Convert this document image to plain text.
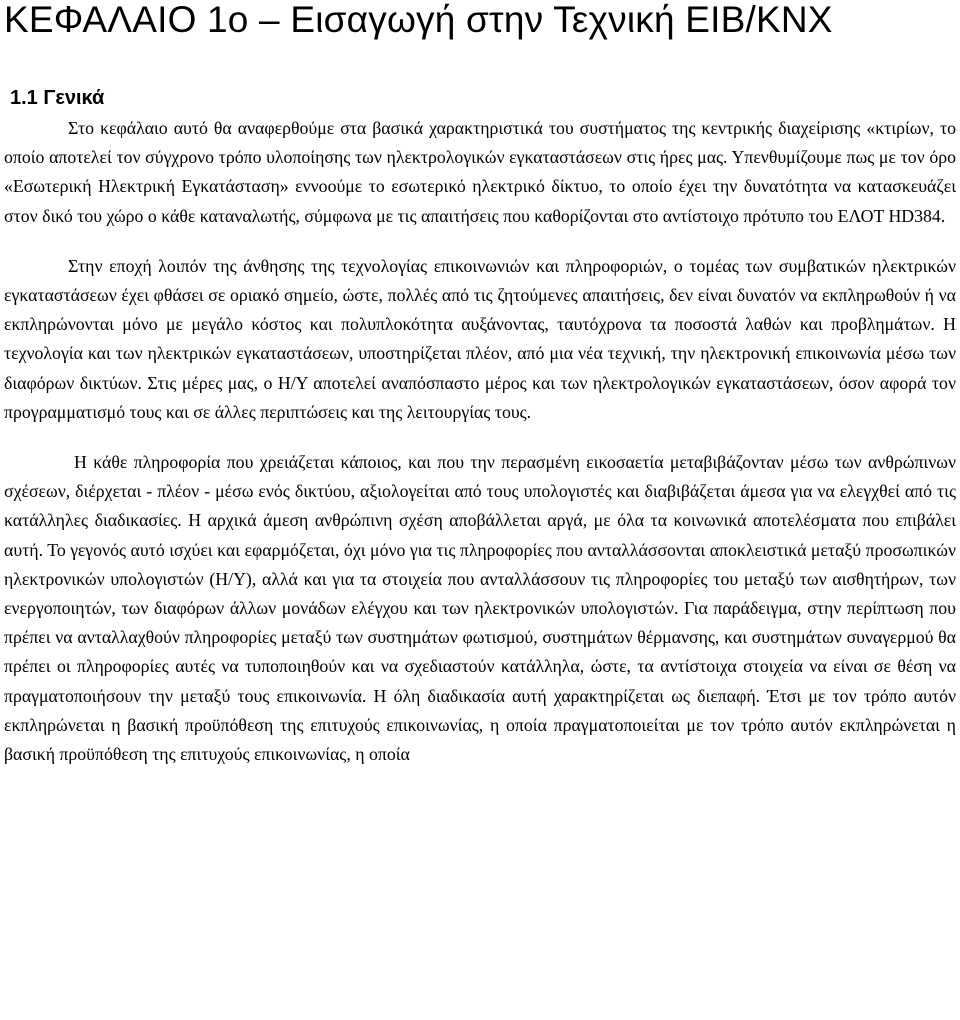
ΚΕΦΑΛΑΙΟ 1ο – Εισαγωγή στην Τεχνική EIB/KNX
1.1 Γενικά

Στο κεφάλαιο αυτό θα αναφερθούμε στα βασικά χαρακτηριστικά του συστήματος της κεντρικής διαχείρισης «κτιρίων, το οποίο αποτελεί τον σύγχρονο τρόπο υλοποίησης των ηλεκτρολογικών εγκαταστάσεων στις ήρες μας. Υπενθυμίζουμε πως με τον όρο «Εσωτερική Ηλεκτρική Εγκατάσταση» εννοούμε το εσωτερικό ηλεκτρικό δίκτυο, το οποίο έχει την δυνατότητα να κατασκευάζει στον δικό του χώρο ο κάθε καταναλωτής, σύμφωνα με τις απαιτήσεις που καθορίζονται στο αντίστοιχο πρότυπο του ΕΛΟΤ HD384.

Στην εποχή λοιπόν της άνθησης της τεχνολογίας επικοινωνιών και πληροφοριών, ο τομέας των συμβατικών ηλεκτρικών εγκαταστάσεων έχει φθάσει σε οριακό σημείο, ώστε, πολλές από τις ζητούμενες απαιτήσεις, δεν είναι δυνατόν να εκπληρωθούν ή να εκπληρώνονται μόνο με μεγάλο κόστος και πολυπλοκότητα αυξάνοντας, ταυτόχρονα τα ποσοστά λαθών και προβλημάτων. Η τεχνολογία και των ηλεκτρικών εγκαταστάσεων, υποστηρίζεται πλέον, από μια νέα τεχνική, την ηλεκτρονική επικοινωνία μέσω των διαφόρων δικτύων. Στις μέρες μας, ο Η/Υ αποτελεί αναπόσπαστο μέρος και των ηλεκτρολογικών εγκαταστάσεων, όσον αφορά τον προγραμματισμό τους και σε άλλες περιπτώσεις και της λειτουργίας τους.

Η κάθε πληροφορία που χρειάζεται κάποιος, και που την περασμένη εικοσαετία μεταβιβάζονταν μέσω των ανθρώπινων σχέσεων, διέρχεται - πλέον - μέσω ενός δικτύου, αξιολογείται από τους υπολογιστές και διαβιβάζεται άμεσα για να ελεγχθεί από τις κατάλληλες διαδικασίες. Η αρχικά άμεση ανθρώπινη σχέση αποβάλλεται αργά, με όλα τα κοινωνικά αποτελέσματα που επιβάλει αυτή. Το γεγονός αυτό ισχύει και εφαρμόζεται, όχι μόνο για τις πληροφορίες που ανταλλάσσονται αποκλειστικά μεταξύ προσωπικών ηλεκτρονικών υπολογιστών (Η/Υ), αλλά και για τα στοιχεία που ανταλλάσσουν τις πληροφορίες του μεταξύ των αισθητήρων, των ενεργοποιητών, των διαφόρων άλλων μονάδων ελέγχου και των ηλεκτρονικών υπολογιστών. Για παράδειγμα, στην περίπτωση που πρέπει να ανταλλαχθούν πληροφορίες μεταξύ των συστημάτων φωτισμού, συστημάτων θέρμανσης, και συστημάτων συναγερμού θα πρέπει οι πληροφορίες αυτές να τυποποιηθούν και να σχεδιαστούν κατάλληλα, ώστε, τα αντίστοιχα στοιχεία να είναι σε θέση να πραγματοποιήσουν την μεταξύ τους επικοινωνία. Η όλη διαδικασία αυτή χαρακτηρίζεται ως διεπαφή. Έτσι με τον τρόπο αυτόν εκπληρώνεται η βασική προϋπόθεση της επιτυχούς επικοινωνίας, η οποία πραγματοποιείται με τον τρόπο αυτόν εκπληρώνεται η βασική προϋπόθεση της επιτυχούς επικοινωνίας, η οποία
